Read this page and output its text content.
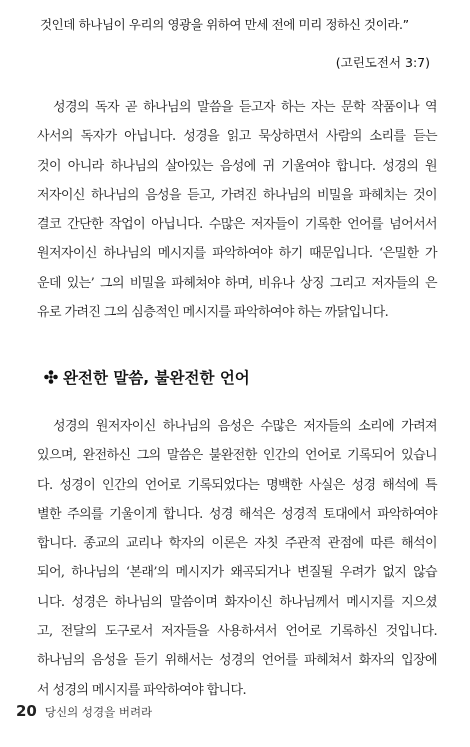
것인데 하나님이 우리의 영광을 위하여 만세 전에 미리 정하신 것이라.”
(고린도전서 3:7)
성경의 독자 곧 하나님의 말씀을 듣고자 하는 자는 문학 작품이나 역
사서의 독자가 아닙니다. 성경을 읽고 묵상하면서 사람의 소리를 듣는
것이 아니라 하나님의 살아있는 음성에 귀 기울여야 합니다. 성경의 원
저자이신 하나님의 음성을 듣고, 가려진 하나님의 비밀을 파헤치는 것이
결코 간단한 작업이 아닙니다. 수많은 저자들이 기록한 언어를 넘어서서
원저자이신 하나님의 메시지를 파악하여야 하기 때문입니다. ‘은밀한 가
운데 있는’ 그의 비밀을 파헤쳐야 하며, 비유나 상징 그리고 저자들의 은
유로 가려진 그의 심층적인 메시지를 파악하여야 하는 까닭입니다.
완전한 말씀, 불완전한 언어
성경의 원저자이신 하나님의 음성은 수많은 저자들의 소리에 가려져
있으며, 완전하신 그의 말씀은 불완전한 인간의 언어로 기록되어 있습니
다. 성경이 인간의 언어로 기록되었다는 명백한 사실은 성경 해석에 특
별한 주의를 기울이게 합니다. 성경 해석은 성경적 토대에서 파악하여야
합니다. 종교의 교리나 학자의 이론은 자칫 주관적 관점에 따른 해석이
되어, 하나님의 ‘본래’의 메시지가 왜곡되거나 변질될 우려가 없지 않습
니다. 성경은 하나님의 말씀이며 화자이신 하나님께서 메시지를 지으셨
고, 전달의 도구로서 저자들을 사용하셔서 언어로 기록하신 것입니다.
하나님의 음성을 듣기 위해서는 성경의 언어를 파헤쳐서 화자의 입장에
서 성경의 메시지를 파악하여야 합니다.
20 당신의 성경을 버려라
